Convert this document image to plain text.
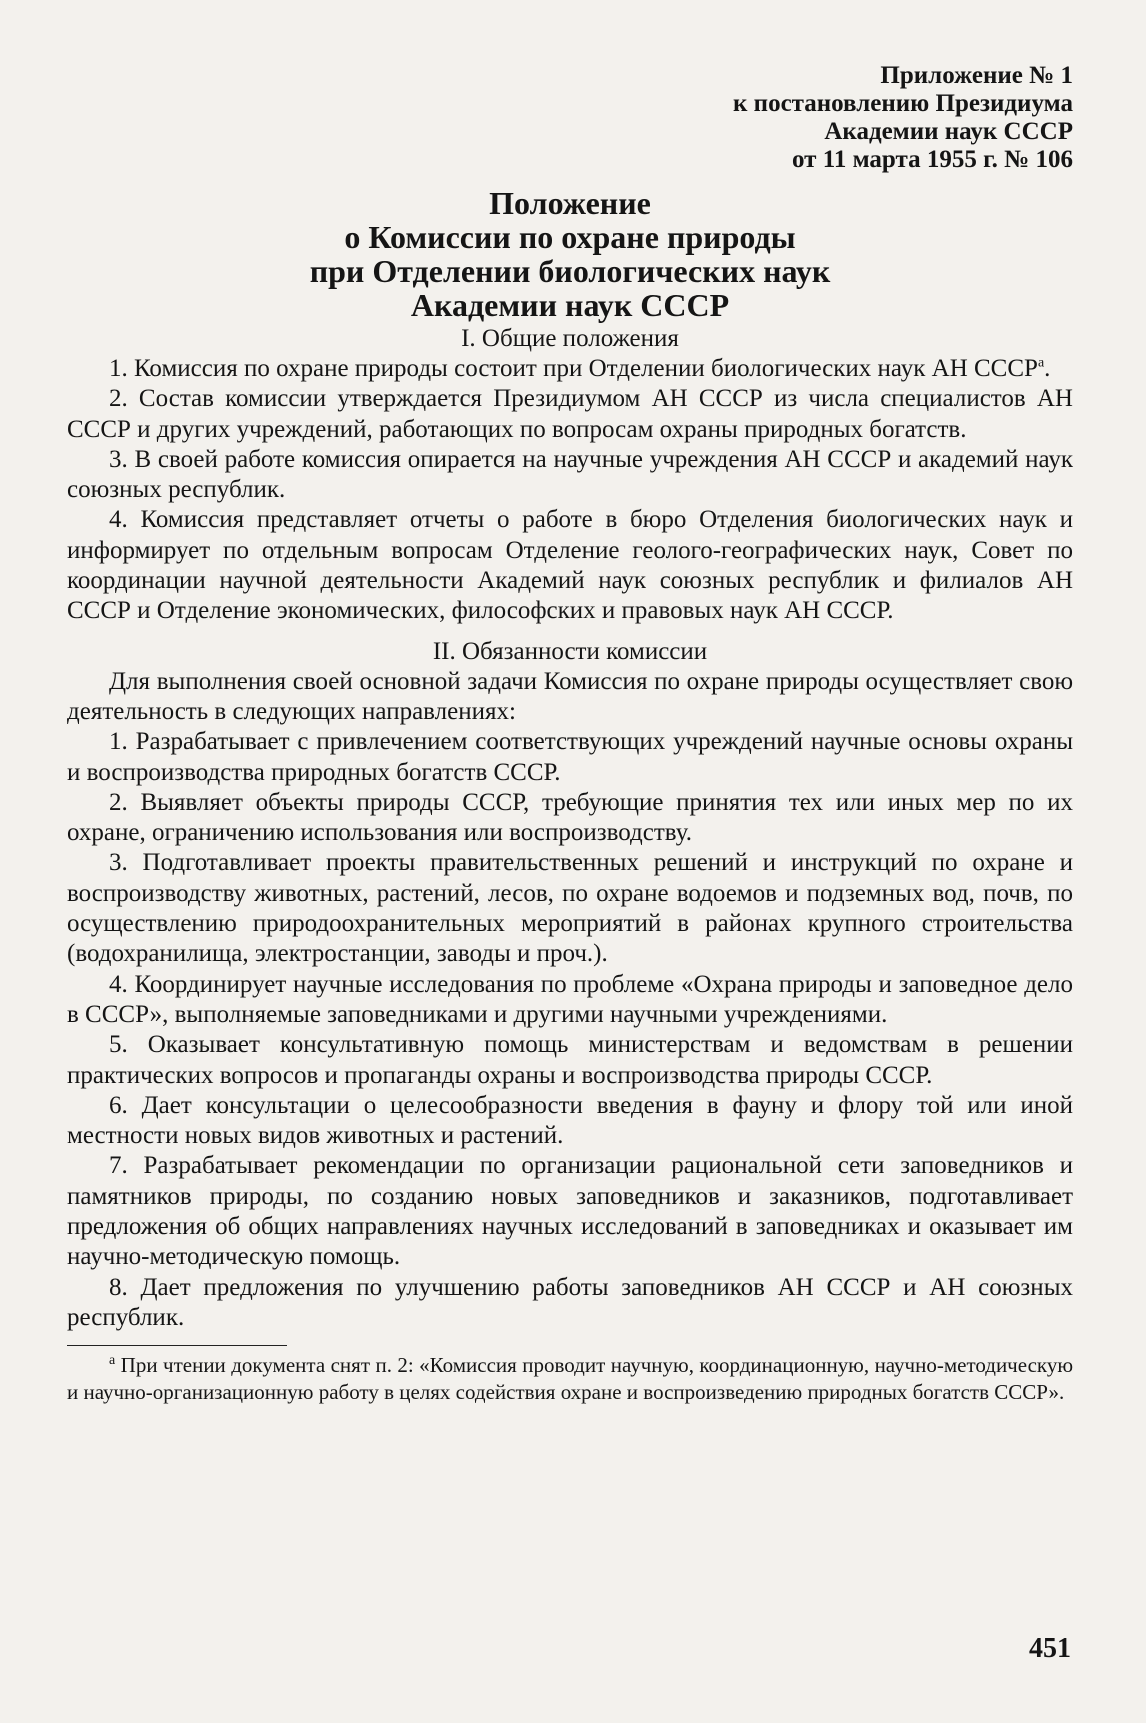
Приложение № 1
к постановлению Президиума
Академии наук СССР
от 11 марта 1955 г. № 106
Положение
о Комиссии по охране природы
при Отделении биологических наук
Академии наук СССР
I. Общие положения

1. Комиссия по охране природы состоит при Отделении биологических наук АН $СССР^а$.

2. Состав комиссии утверждается Президиумом АН СССР из числа специалистов АН СССР и других учреждений, работающих по вопросам охраны природных богатств.

3. В своей работе комиссия опирается на научные учреждения АН СССР и академий наук союзных республик.

4. Комиссия представляет отчеты о работе в бюро Отделения биологических наук и информирует по отдельным вопросам Отделение геолого-географических наук, Совет по координации научной деятельности Академий наук союзных республик и филиалов АН СССР и Отделение экономических, философских и правовых наук АН СССР.

II. Обязанности комиссии

Для выполнения своей основной задачи Комиссия по охране природы осуществляет свою деятельность в следующих направлениях:

1. Разрабатывает с привлечением соответствующих учреждений научные основы охраны и воспроизводства природных богатств СССР.

2. Выявляет объекты природы СССР, требующие принятия тех или иных мер по их охране, ограничению использования или воспроизводству.

3. Подготавливает проекты правительственных решений и инструкций по охране и воспроизводству животных, растений, лесов, по охране водоемов и подземных вод, почв, по осуществлению природоохранительных мероприятий в районах крупного строительства (водохранилища, электростанции, заводы и проч.).

4. Координирует научные исследования по проблеме «Охрана природы и заповедное дело в СССР», выполняемые заповедниками и другими научными учреждениями.

5. Оказывает консультативную помощь министерствам и ведомствам в решении практических вопросов и пропаганды охраны и воспроизводства природы СССР.

6. Дает консультации о целесообразности введения в фауну и флору той или иной местности новых видов животных и растений.

7. Разрабатывает рекомендации по организации рациональной сети заповедников и памятников природы, по созданию новых заповедников и заказников, подготавливает предложения об общих направлениях научных исследований в заповедниках и оказывает им научно-методическую помощь.

8. Дает предложения по улучшению работы заповедников АН СССР и АН союзных республик.

$^а$ При чтении документа снят п. 2: «Комиссия проводит научную, координационную, научно-методическую и научно-организационную работу в целях содействия охране и воспроизведению природных богатств СССР».
451
